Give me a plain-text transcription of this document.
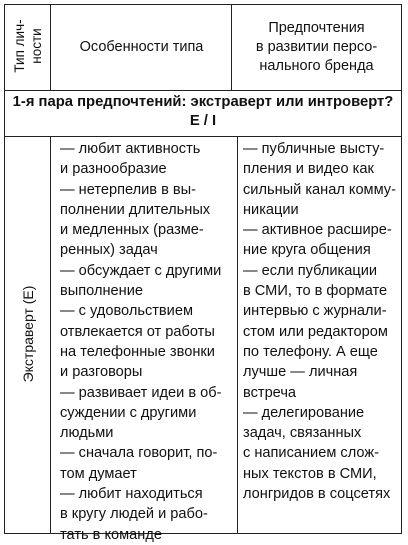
Тип лич-
ности Особенности типа
Предпочтения
в развитии персо-
нального бренда
1-я пара предпочтений: экстраверт или интроверт?
E / I
Экстраверт (E)
— любит активность
и разнообразие
— нетерпелив в вы-
полнении длительных
и медленных (разме-
ренных) задач
— обсуждает с другими
выполнение
— с удовольствием
отвлекается от работы
на телефонные звонки
и разговоры
— развивает идеи в об-
суждении с другими
людьми
— сначала говорит, по-
том думает
— любит находиться
в кругу людей и рабо-
тать в команде
— публичные высту-
пления и видео как
сильный канал комму-
никации
— активное расшире-
ние круга общения
— если публикации
в СМИ, то в формате
интервью с журнали-
стом или редактором
по телефону. А еще
лучше — личная
встреча
— делегирование
задач, связанных
с написанием слож-
ных текстов в СМИ,
лонгридов в соцсетях
